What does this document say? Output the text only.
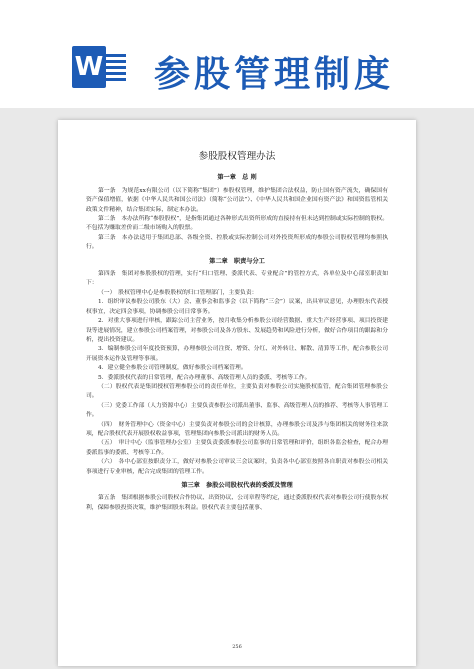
W 参股管理制度
参股股权管理办法
第一章　总 则

第一条　为规范xx有限公司（以下简称“集团”）参股权管理，维护集团合法权益，防止国有资产流失，确保国有资产保值增值，依据《中华人民共和国公司法》（简称“公司法”）、《中华人民共和国企业国有资产法》和国资监管相关政策文件精神，结合集团实际，制定本办法。

第二条　本办法所称“参股股权”，是指集团通过各种形式出资所形成的直接持有但未达到控制或实际控制的股权。不包括为赚取差价而二级市场购入的股票。

第三条　本办法适用于集团总部、各级全资、控股或实际控制公司对外投资所形成的参股公司股权管理均参照执行。

第二章　职责与分工

第四条　集团对参股股权的管理，实行“归口管理、委派代表、专业配合”的管控方式，各单位及中心部室职责如下：

（一）　股权管理中心是参股股权的归口管理部门，主要负责：

1．组织审议参股公司股东（大）会、董事会和监事会（以下简称“三会”）议案，出具审议意见，办理股东代表授权事宜，决定四会事项，协调参股公司日常事务。

2．对重大事项进行审核，跟踪公司主营业务，按月收集分析参股公司经营数据、重大生产经营事项、项目投资建设等进展情况，建立参股公司档案管理，对参股公司及各方股东、发展趋势和风险进行分析，做好合作项目的跟踪和分析，提出投资建议。

3．编制参股公司年度投资预算，办理参股公司注资、增资、分红、对外转让、解散、清算等工作，配合参股公司开展资本运作及管理等事项。

4．建立健全参股公司管理制度，做好参股公司档案管理。

5．委派股权代表的日常管理，配合办理董事、高级管理人员的委派、考核等工作。

（二）股权代表是集团授权管理参股公司的责任单位，主要负责对参股公司实施股权监管，配合集团管理参股公司。

（三）党委工作部（人力资源中心）主要负责参股公司派出董事、监事、高级管理人员的推荐、考核等人事管理工作。

（四）　财务管理中心（资金中心）主要负责对参股公司的会计核算，办理参股公司及涉与集团相关的财务往来款项，配合股权代表开展股权收益事项，管理集团向参股公司派出的财务人员。

（五）　审计中心（监事管理办公室）主要负责委派参股公司监事的日常管理和评价，组织各监会检查，配合办理委派监事的委派、考核等工作。

（六）　各中心部室按职责分工，做好对参股公司审议三会议案时，负责各中心部室按照各自职责对参股公司相关事项进行专业审核，配合完成集团的管理工作。

第三章　参股公司股权代表的委派及管理

第五条　集团根据参股公司股权合作协议、出资协议、公司章程等约定，通过委派股权代表对参股公司行使股东权利，保障参股投资决策，维护集团股东利益。股权代表主要包括董事、

256
